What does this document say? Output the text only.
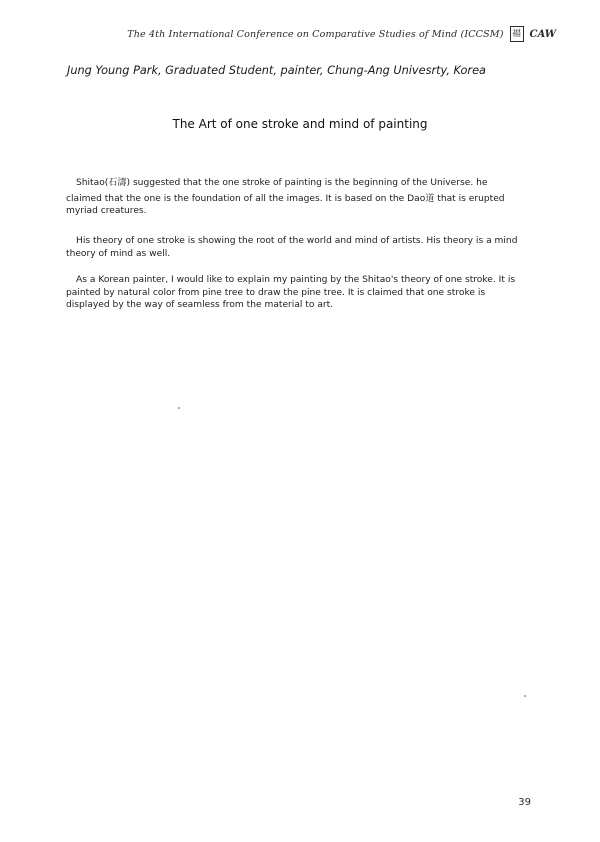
The 4th International Conference on Comparative Studies of Mind (ICCSM) 福 CAW
Jung Young Park, Graduated Student, painter, Chung-Ang Univesrty, Korea
The Art of one stroke and mind of painting
Shitao(石濤) suggested that the one stroke of painting is the beginning of the Universe. he
claimed that the one is the foundation of all the images. It is based on the Dao道 that is erupted
myriad creatures.
His theory of one stroke is showing the root of the world and mind of artists. His theory is a mind
theory of mind as well.
As a Korean painter, I would like to explain my painting by the Shitao's theory of one stroke. It is
painted by natural color from pine tree to draw the pine tree. It is claimed that one stroke is
displayed by the way of seamless from the material to art.
39
